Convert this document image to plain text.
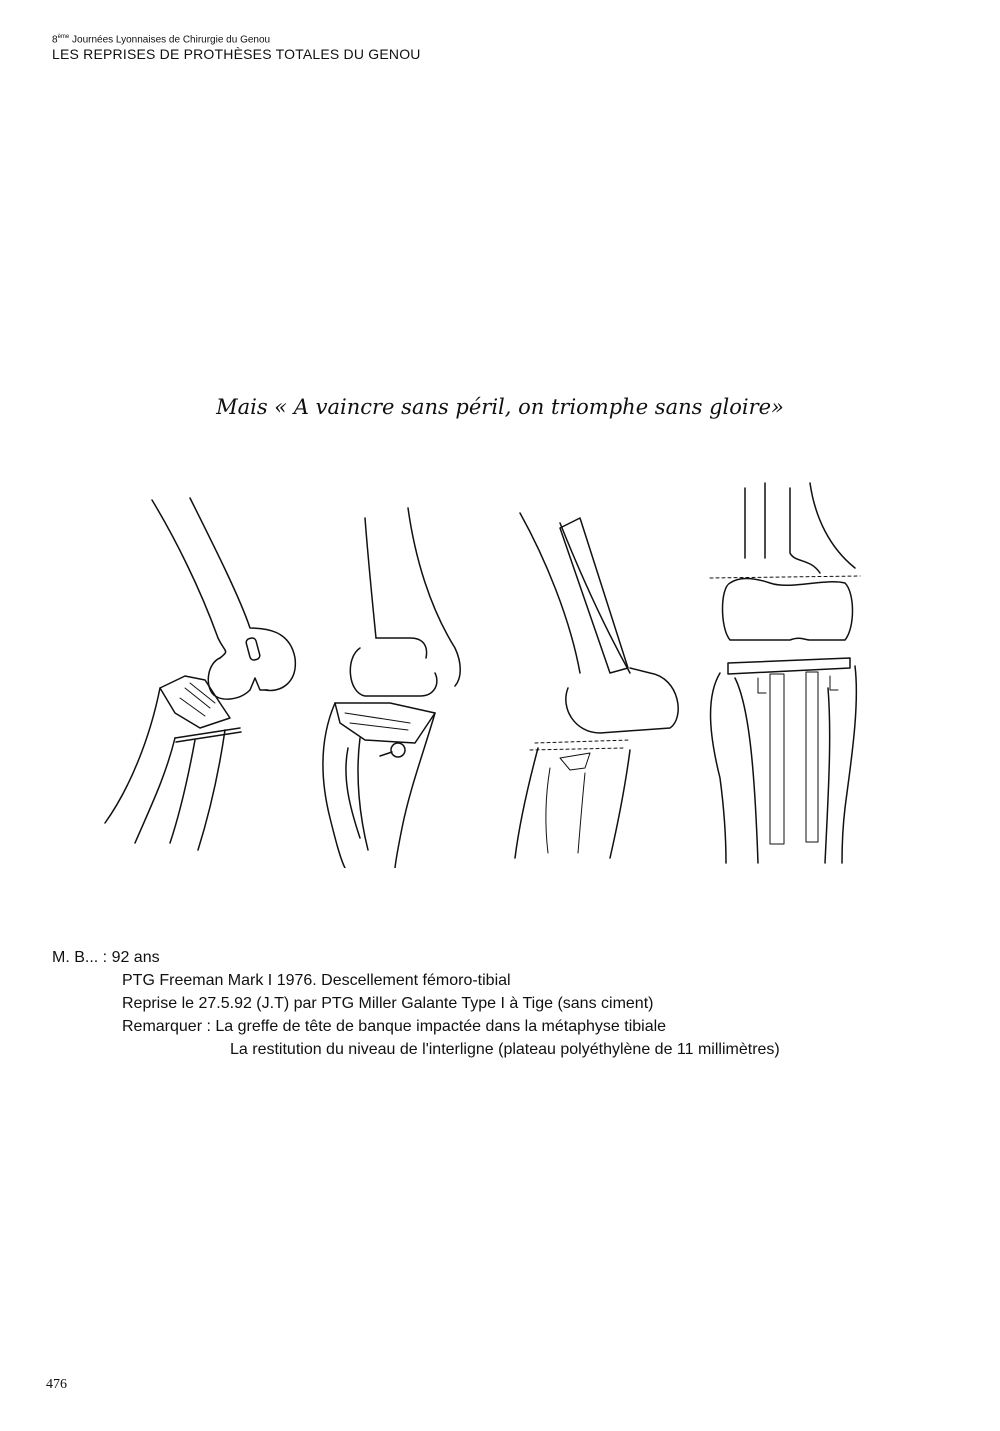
8ème Journées Lyonnaises de Chirurgie du Genou
LES REPRISES DE PROTHÈSES TOTALES DU GENOU
Mais « A vaincre sans péril, on triomphe sans gloire»
M. B... : 92 ans
PTG Freeman Mark I 1976. Descellement fémoro-tibial
Reprise le 27.5.92 (J.T) par PTG Miller Galante Type I à Tige (sans ciment)
Remarquer : La greffe de tête de banque impactée dans la métaphyse tibiale
La restitution du niveau de l'interligne (plateau polyéthylène de 11 millimètres)
476
